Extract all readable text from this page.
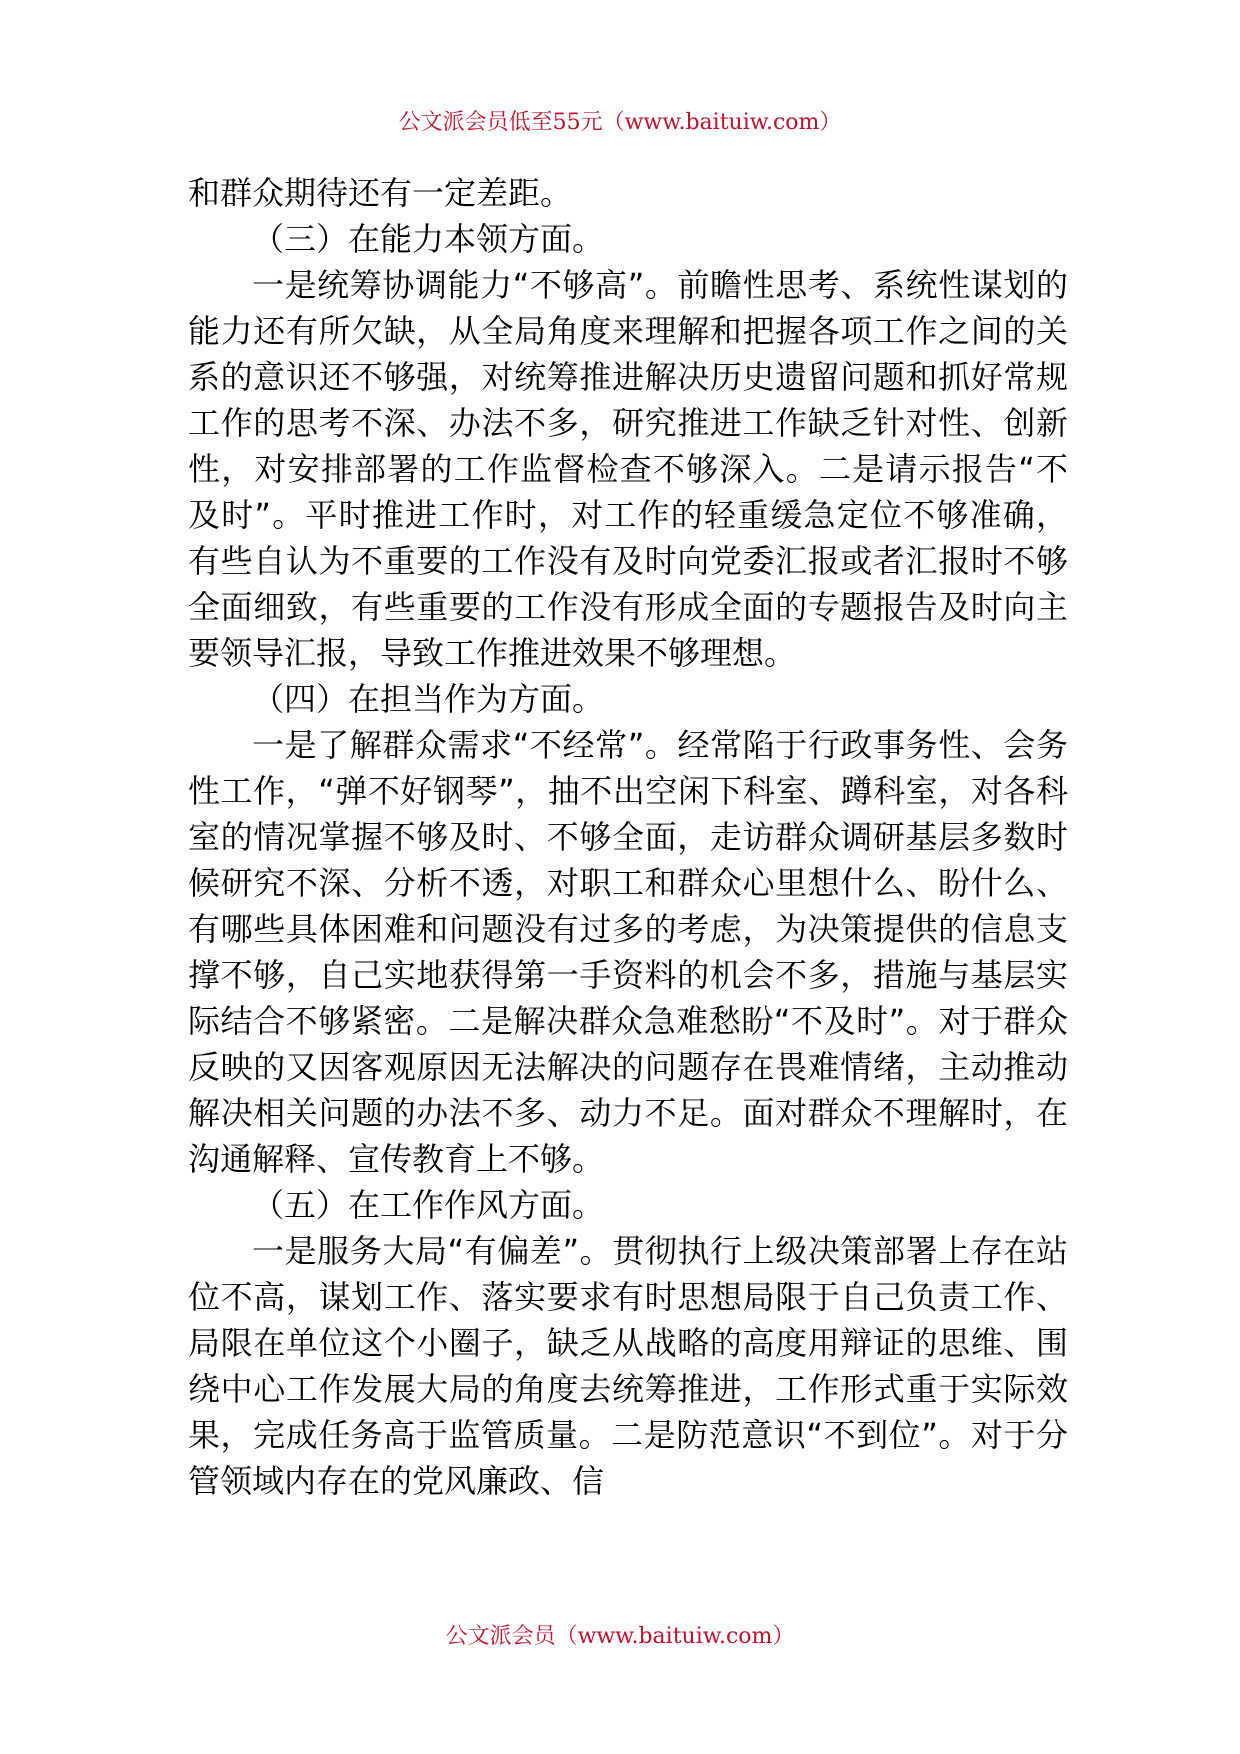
公文派会员低至55元（www.baituiw.com）

和群众期待还有一定差距。

（三）在能力本领方面。

一是统筹协调能力“不够高”。前瞻性思考、系统性谋划的能力还有所欠缺，从全局角度来理解和把握各项工作之间的关系的意识还不够强，对统筹推进解决历史遗留问题和抓好常规工作的思考不深、办法不多，研究推进工作缺乏针对性、创新性，对安排部署的工作监督检查不够深入。二是请示报告“不及时”。平时推进工作时，对工作的轻重缓急定位不够准确，有些自认为不重要的工作没有及时向党委汇报或者汇报时不够全面细致，有些重要的工作没有形成全面的专题报告及时向主要领导汇报，导致工作推进效果不够理想。

（四）在担当作为方面。

一是了解群众需求“不经常”。经常陷于行政事务性、会务性工作，“弹不好钢琴”，抽不出空闲下科室、蹲科室，对各科室的情况掌握不够及时、不够全面，走访群众调研基层多数时候研究不深、分析不透，对职工和群众心里想什么、盼什么、有哪些具体困难和问题没有过多的考虑，为决策提供的信息支撑不够，自己实地获得第一手资料的机会不多，措施与基层实际结合不够紧密。二是解决群众急难愁盼“不及时”。对于群众反映的又因客观原因无法解决的问题存在畏难情绪，主动推动解决相关问题的办法不多、动力不足。面对群众不理解时，在沟通解释、宣传教育上不够。

（五）在工作作风方面。

一是服务大局“有偏差”。贯彻执行上级决策部署上存在站位不高，谋划工作、落实要求有时思想局限于自己负责工作、局限在单位这个小圈子，缺乏从战略的高度用辩证的思维、围绕中心工作发展大局的角度去统筹推进，工作形式重于实际效果，完成任务高于监管质量。二是防范意识“不到位”。对于分管领域内存在的党风廉政、信

公文派会员（www.baituiw.com）
